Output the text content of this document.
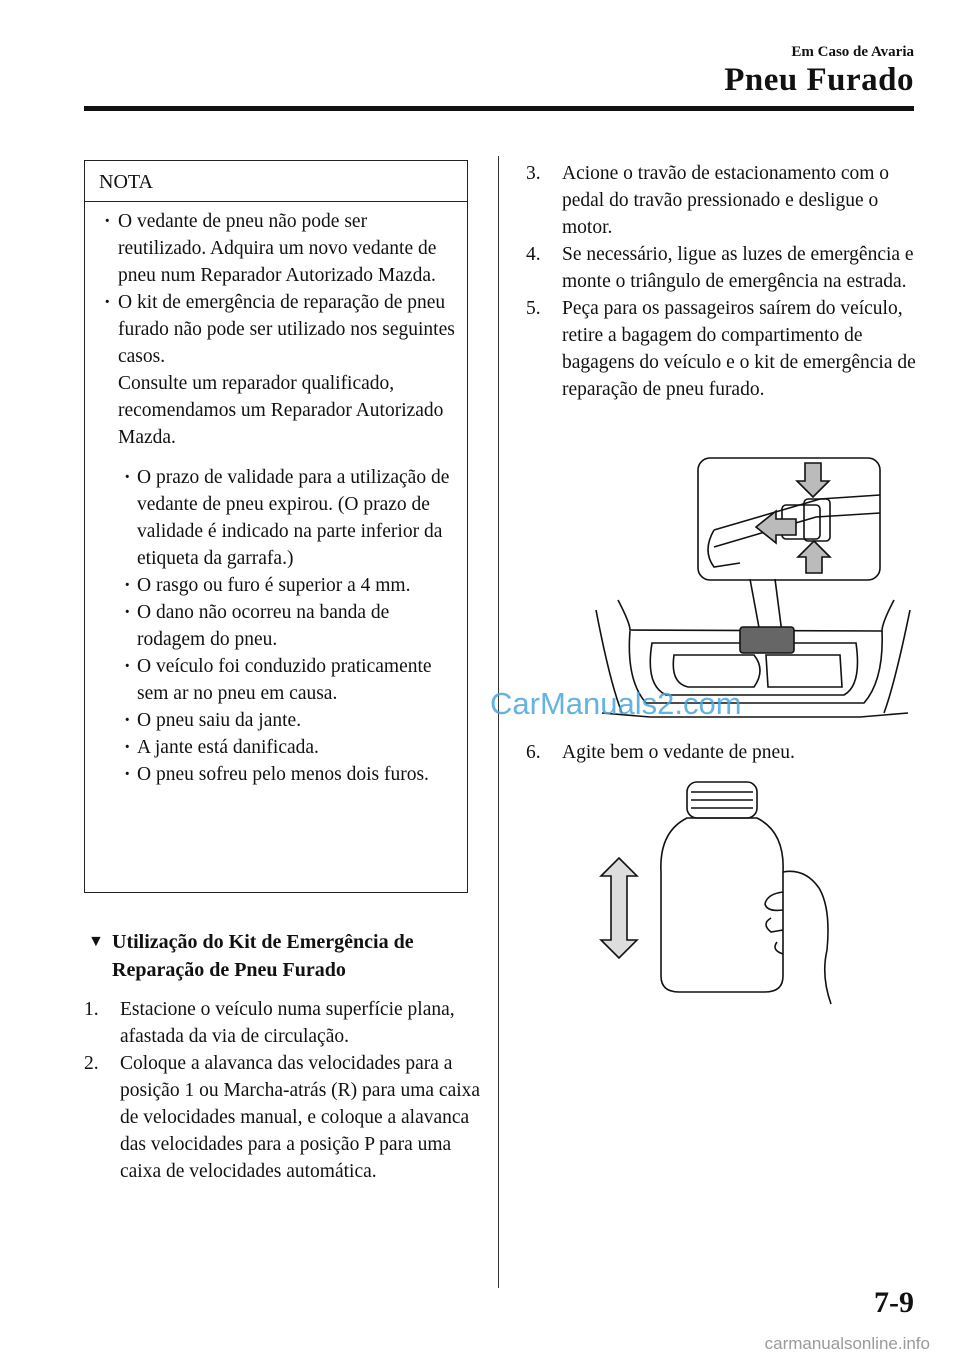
Em Caso de Avaria
Pneu Furado
NOTA
· O vedante de pneu não pode ser reutilizado. Adquira um novo vedante de pneu num Reparador Autorizado Mazda.
· O kit de emergência de reparação de pneu furado não pode ser utilizado nos seguintes casos.
Consulte um reparador qualificado, recomendamos um Reparador Autorizado Mazda.
· O prazo de validade para a utilização de vedante de pneu expirou. (O prazo de validade é indicado na parte inferior da etiqueta da garrafa.)
· O rasgo ou furo é superior a 4 mm.
· O dano não ocorreu na banda de rodagem do pneu.
· O veículo foi conduzido praticamente sem ar no pneu em causa.
· O pneu saiu da jante.
· A jante está danificada.
· O pneu sofreu pelo menos dois furos.
▼ Utilização do Kit de Emergência de Reparação de Pneu Furado
1. Estacione o veículo numa superfície plana, afastada da via de circulação.
2. Coloque a alavanca das velocidades para a posição 1 ou Marcha-atrás (R) para uma caixa de velocidades manual, e coloque a alavanca das velocidades para a posição P para uma caixa de velocidades automática.
3. Acione o travão de estacionamento com o pedal do travão pressionado e desligue o motor.
4. Se necessário, ligue as luzes de emergência e monte o triângulo de emergência na estrada.
5. Peça para os passageiros saírem do veículo, retire a bagagem do compartimento de bagagens do veículo e o kit de emergência de reparação de pneu furado.
CarManuals2.com
6. Agite bem o vedante de pneu.
7-9
carmanualsonline.info
